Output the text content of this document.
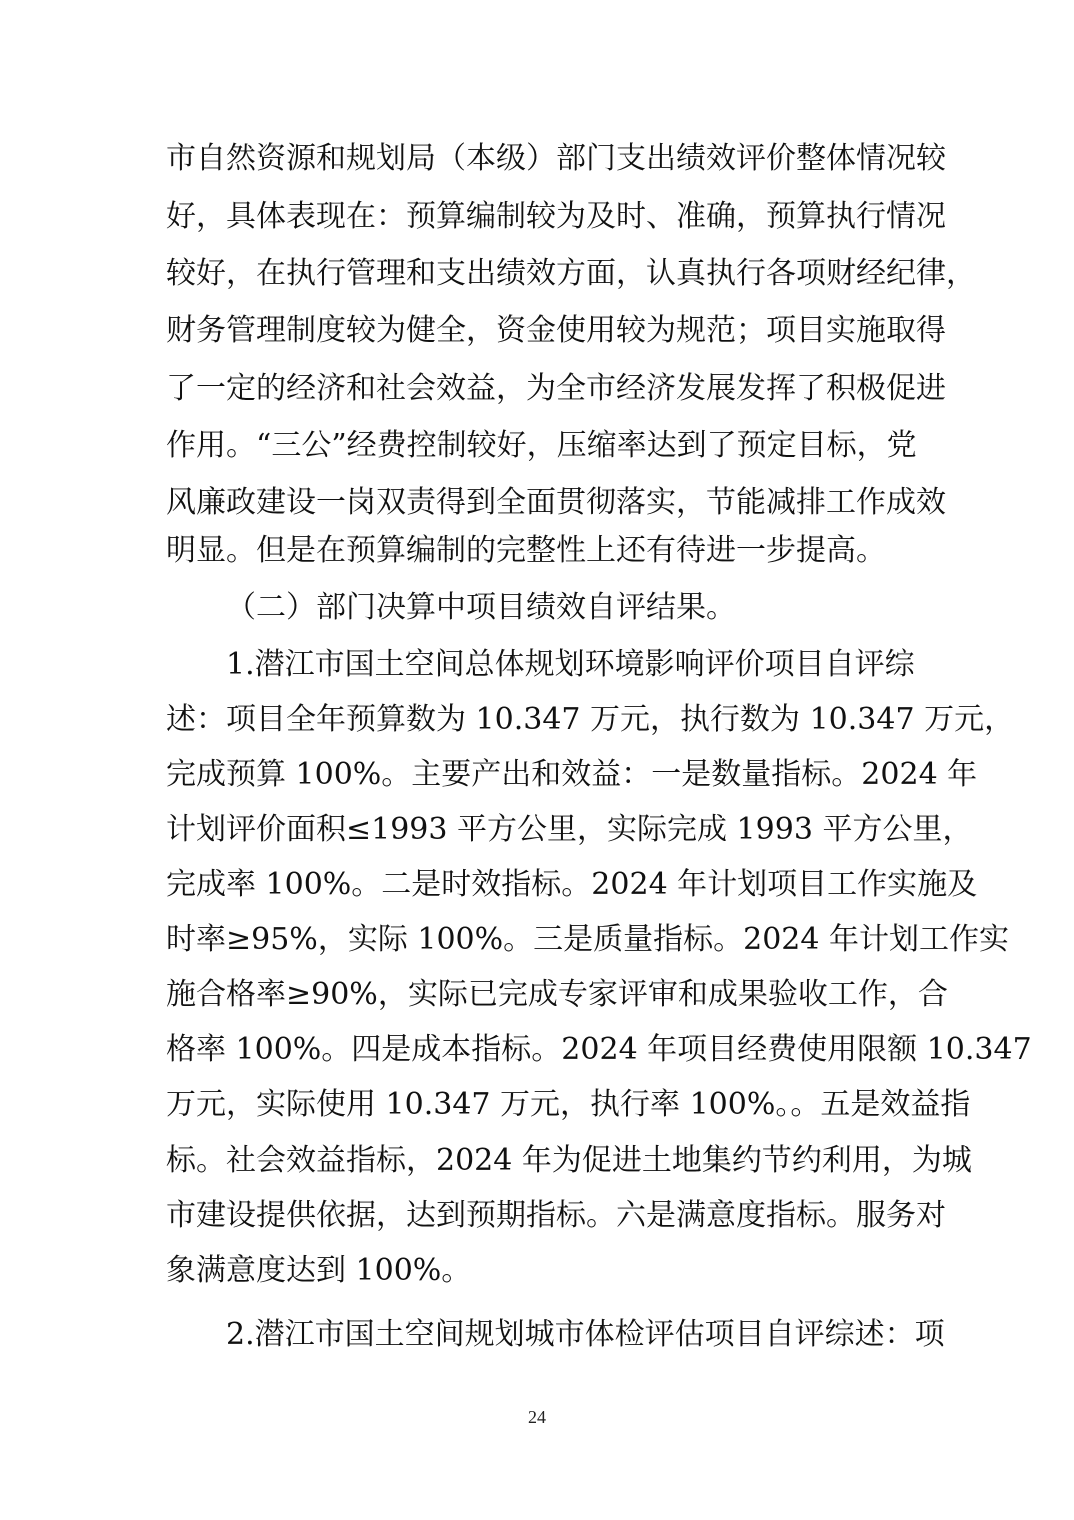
市自然资源和规划局（本级）部门支出绩效评价整体情况较
好，具体表现在：预算编制较为及时、准确，预算执行情况
较好，在执行管理和支出绩效方面，认真执行各项财经纪律，
财务管理制度较为健全，资金使用较为规范；项目实施取得
了一定的经济和社会效益，为全市经济发展发挥了积极促进
作用。“三公”经费控制较好，压缩率达到了预定目标，党
风廉政建设一岗双责得到全面贯彻落实，节能减排工作成效
明显。但是在预算编制的完整性上还有待进一步提高。
（二）部门决算中项目绩效自评结果。
1.潜江市国土空间总体规划环境影响评价项目自评综
述：项目全年预算数为 10.347 万元，执行数为 10.347 万元，
完成预算 100%。主要产出和效益：一是数量指标。2024 年
计划评价面积≤1993 平方公里，实际完成 1993 平方公里，
完成率 100%。二是时效指标。2024 年计划项目工作实施及
时率≥95%，实际 100%。三是质量指标。2024 年计划工作实
施合格率≥90%，实际已完成专家评审和成果验收工作，合
格率 100%。四是成本指标。2024 年项目经费使用限额 10.347
万元，实际使用 10.347 万元，执行率 100%。。五是效益指
标。社会效益指标，2024 年为促进土地集约节约利用，为城
市建设提供依据，达到预期指标。六是满意度指标。服务对
象满意度达到 100%。
2.潜江市国土空间规划城市体检评估项目自评综述：项
24
